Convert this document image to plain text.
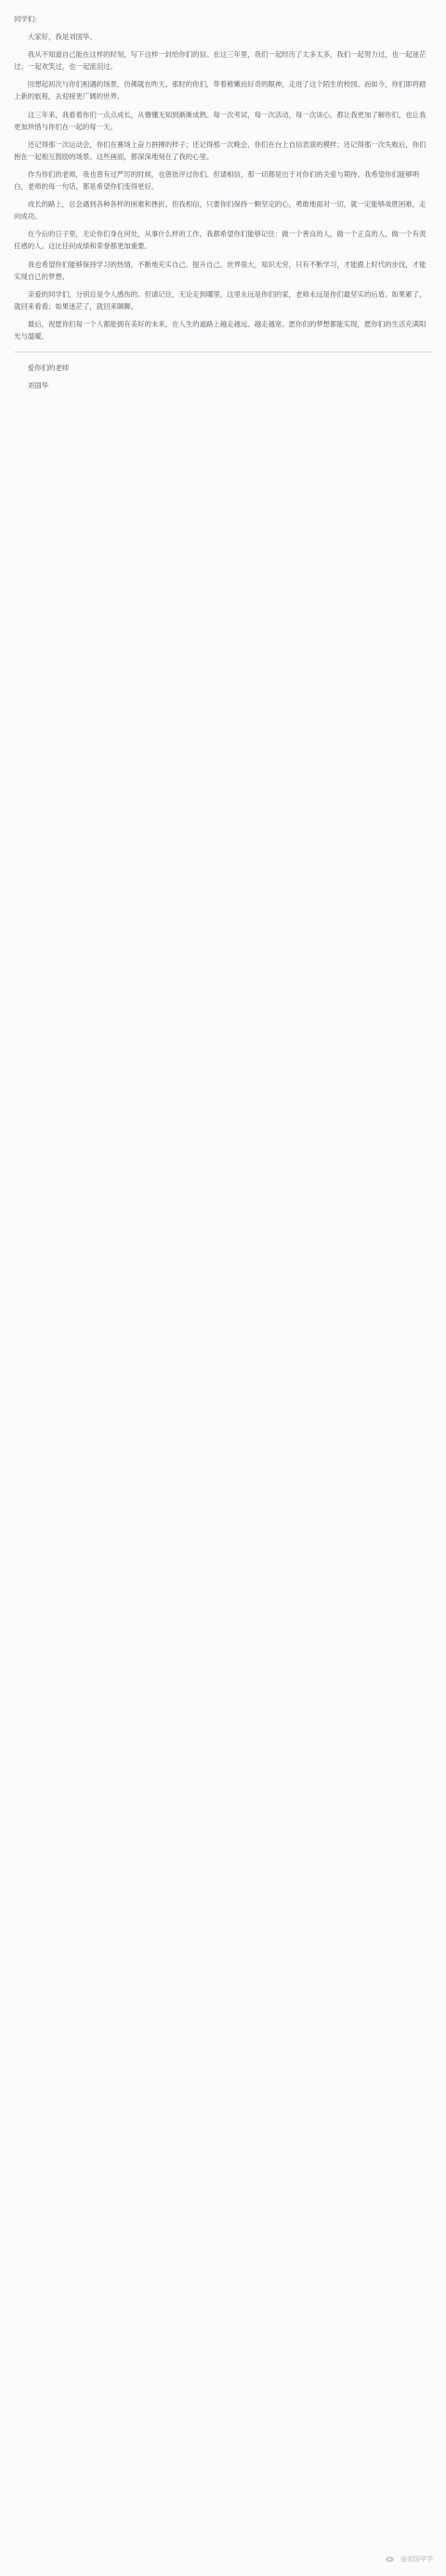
同学们：

大家好，我是刘国华。

我从不知道自己能在这样的时刻，写下这样一封给你们的信。在这三年里，我们一起经历了太多太多，我们一起努力过，也一起迷茫过；一起欢笑过，也一起流泪过。

回想起初次与你们相遇的场景，仿佛就在昨天。那时的你们，带着稚嫩而好奇的眼神，走进了这个陌生的校园。而如今，你们即将踏上新的旅程，去迎接更广阔的世界。

这三年来，我看着你们一点点成长，从懵懂无知到渐渐成熟。每一次考试，每一次活动，每一次谈心，都让我更加了解你们，也让我更加珍惜与你们在一起的每一天。

还记得那一次运动会，你们在赛场上奋力拼搏的样子；还记得那一次晚会，你们在台上自信表演的模样；还记得那一次失败后，你们抱在一起相互鼓励的场景。这些画面，都深深地刻在了我的心里。

作为你们的老师，我也曾有过严厉的时候，也曾批评过你们。但请相信，那一切都是出于对你们的关爱与期待。我希望你们能够明白，老师的每一句话，都是希望你们变得更好。

成长的路上，总会遇到各种各样的困难和挫折。但我相信，只要你们保持一颗坚定的心，勇敢地面对一切，就一定能够战胜困难，走向成功。

在今后的日子里，无论你们身在何处，从事什么样的工作，我都希望你们能够记住：做一个善良的人，做一个正直的人，做一个有责任感的人。这比任何成绩和荣誉都更加重要。

我也希望你们能够保持学习的热情，不断地充实自己、提升自己。世界很大，知识无穷，只有不断学习，才能跟上时代的步伐，才能实现自己的梦想。

亲爱的同学们，分别总是令人感伤的。但请记住，无论走到哪里，这里永远是你们的家，老师永远是你们最坚实的后盾。如果累了，就回来看看；如果迷茫了，就回来聊聊。

最后，祝愿你们每一个人都能拥有美好的未来，在人生的道路上越走越远、越走越宽。愿你们的梦想都能实现，愿你们的生活充满阳光与温暖。

爱你们的老师

刘国华

@刘国华学
